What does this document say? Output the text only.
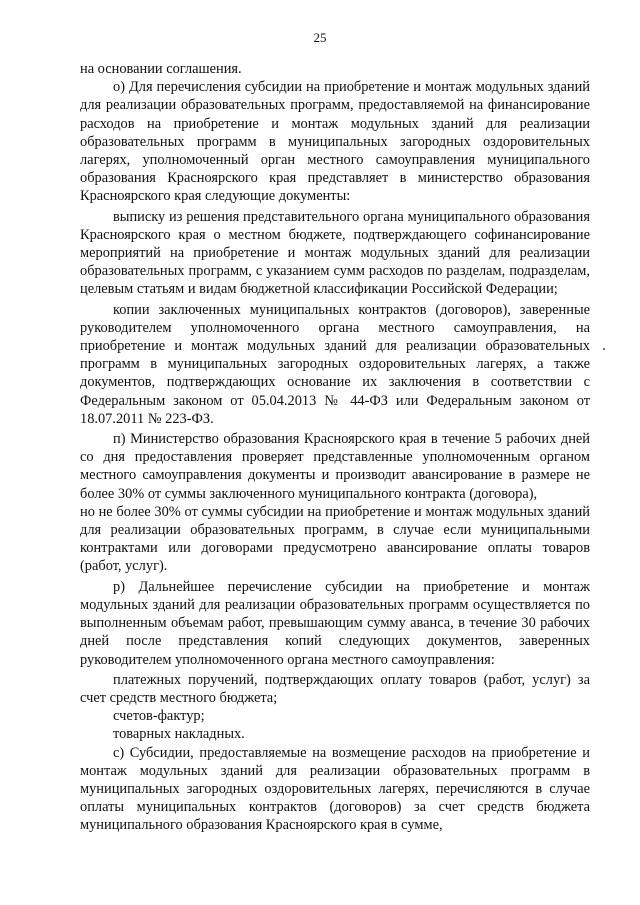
25

на основании соглашения.

о) Для перечисления субсидии на приобретение и монтаж модульных зданий для реализации образовательных программ, предоставляемой на финансирование расходов на приобретение и монтаж модульных зданий для реализации образовательных программ в муниципальных загородных оздоровительных лагерях, уполномоченный орган местного самоуправления муниципального образования Красноярского края представляет в министерство образования Красноярского края следующие документы:

выписку из решения представительного органа муниципального образования Красноярского края о местном бюджете, подтверждающего софинансирование мероприятий на приобретение и монтаж модульных зданий для реализации образовательных программ, с указанием сумм расходов по разделам, подразделам, целевым статьям и видам бюджетной классификации Российской Федерации;

копии заключенных муниципальных контрактов (договоров), заверенные руководителем уполномоченного органа местного самоуправления, на приобретение и монтаж модульных зданий для реализации образовательных программ в муниципальных загородных оздоровительных лагерях, а также документов, подтверждающих основание их заключения в соответствии с Федеральным законом от 05.04.2013 № 44-ФЗ или Федеральным законом от 18.07.2011 № 223-ФЗ.

п) Министерство образования Красноярского края в течение 5 рабочих дней со дня предоставления проверяет представленные уполномоченным органом местного самоуправления документы и производит авансирование в размере не более 30% от суммы заключенного муниципального контракта (договора),

но не более 30% от суммы субсидии на приобретение и монтаж модульных зданий для реализации образовательных программ, в случае если муниципальными контрактами или договорами предусмотрено авансирование оплаты товаров (работ, услуг).

р) Дальнейшее перечисление субсидии на приобретение и монтаж модульных зданий для реализации образовательных программ осуществляется по выполненным объемам работ, превышающим сумму аванса, в течение 30 рабочих дней после представления копий следующих документов, заверенных руководителем уполномоченного органа местного самоуправления:

платежных поручений, подтверждающих оплату товаров (работ, услуг) за счет средств местного бюджета;

счетов-фактур;

товарных накладных.

с) Субсидии, предоставляемые на возмещение расходов на приобретение и монтаж модульных зданий для реализации образовательных программ в муниципальных загородных оздоровительных лагерях, перечисляются в случае оплаты муниципальных контрактов (договоров) за счет средств бюджета муниципального образования Красноярского края в сумме,
